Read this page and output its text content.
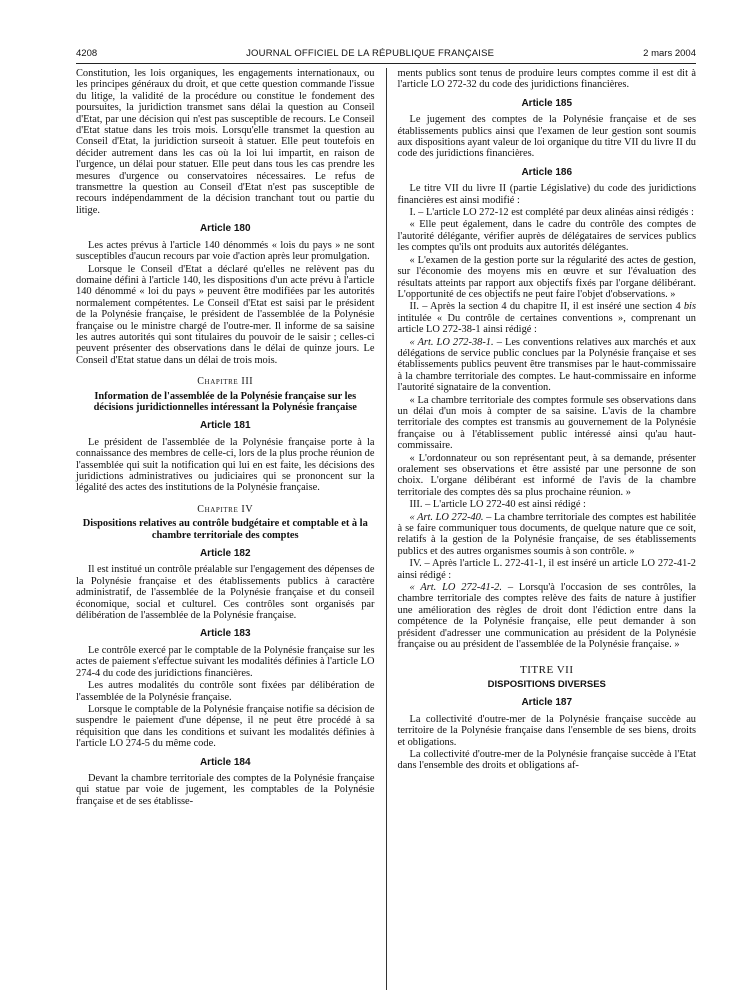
4208	JOURNAL OFFICIEL DE LA RÉPUBLIQUE FRANÇAISE	2 mars 2004

Constitution, les lois organiques, les engagements internationaux, ou les principes généraux du droit, et que cette question commande l'issue du litige, la validité de la procédure ou constitue le fondement des poursuites, la juridiction transmet sans délai la question au Conseil d'Etat, par une décision qui n'est pas susceptible de recours. Le Conseil d'Etat statue dans les trois mois. Lorsqu'elle transmet la question au Conseil d'Etat, la juridiction surseoit à statuer. Elle peut toutefois en décider autrement dans les cas où la loi lui impartit, en raison de l'urgence, un délai pour statuer. Elle peut dans tous les cas prendre les mesures d'urgence ou conservatoires nécessaires. Le refus de transmettre la question au Conseil d'Etat n'est pas susceptible de recours indépendamment de la décision tranchant tout ou partie du litige.

Article 180

Les actes prévus à l'article 140 dénommés « lois du pays » ne sont susceptibles d'aucun recours par voie d'action après leur promulgation.

Lorsque le Conseil d'Etat a déclaré qu'elles ne relèvent pas du domaine défini à l'article 140, les dispositions d'un acte prévu à l'article 140 dénommé « loi du pays » peuvent être modifiées par les autorités normalement compétentes. Le Conseil d'Etat est saisi par le président de la Polynésie française, le président de l'assemblée de la Polynésie française ou le ministre chargé de l'outre-mer. Il informe de sa saisine les autres autorités qui sont titulaires du pouvoir de le saisir ; celles-ci peuvent présenter des observations dans le délai de quinze jours. Le Conseil d'Etat statue dans un délai de trois mois.

Chapitre III
Information de l'assemblée de la Polynésie française sur les décisions juridictionnelles intéressant la Polynésie française
Article 181

Le président de l'assemblée de la Polynésie française porte à la connaissance des membres de celle-ci, lors de la plus proche réunion de l'assemblée qui suit la notification qui lui en est faite, les décisions des juridictions administratives ou judiciaires qui se prononcent sur la légalité des actes des institutions de la Polynésie française.

Chapitre IV
Dispositions relatives au contrôle budgétaire et comptable et à la chambre territoriale des comptes
Article 182

Il est institué un contrôle préalable sur l'engagement des dépenses de la Polynésie française et des établissements publics à caractère administratif, de l'assemblée de la Polynésie française et du conseil économique, social et culturel. Ces contrôles sont organisés par délibération de l'assemblée de la Polynésie française.

Article 183

Le contrôle exercé par le comptable de la Polynésie française sur les actes de paiement s'effectue suivant les modalités définies à l'article LO 274-4 du code des juridictions financières.

Les autres modalités du contrôle sont fixées par délibération de l'assemblée de la Polynésie française.

Lorsque le comptable de la Polynésie française notifie sa décision de suspendre le paiement d'une dépense, il ne peut être procédé à sa réquisition que dans les conditions et suivant les modalités définies à l'article LO 274-5 du même code.

Article 184

Devant la chambre territoriale des comptes de la Polynésie française qui statue par voie de jugement, les comptables de la Polynésie française et de ses établisse-

ments publics sont tenus de produire leurs comptes comme il est dit à l'article LO 272-32 du code des juridictions financières.

Article 185

Le jugement des comptes de la Polynésie française et de ses établissements publics ainsi que l'examen de leur gestion sont soumis aux dispositions ayant valeur de loi organique du titre VII du livre II du code des juridictions financières.

Article 186

Le titre VII du livre II (partie Législative) du code des juridictions financières est ainsi modifié :

I. – L'article LO 272-12 est complété par deux alinéas ainsi rédigés :

« Elle peut également, dans le cadre du contrôle des comptes de l'autorité délégante, vérifier auprès de délégataires de services publics les comptes qu'ils ont produits aux autorités délégantes.

« L'examen de la gestion porte sur la régularité des actes de gestion, sur l'économie des moyens mis en œuvre et sur l'évaluation des résultats atteints par rapport aux objectifs fixés par l'organe délibérant. L'opportunité de ces objectifs ne peut faire l'objet d'observations. »

II. – Après la section 4 du chapitre II, il est inséré une section 4 bis intitulée « Du contrôle de certaines conventions », comprenant un article LO 272-38-1 ainsi rédigé :

« Art. LO 272-38-1. – Les conventions relatives aux marchés et aux délégations de service public conclues par la Polynésie française et ses établissements publics peuvent être transmises par le haut-commissaire à la chambre territoriale des comptes. Le haut-commissaire en informe l'autorité signataire de la convention.

« La chambre territoriale des comptes formule ses observations dans un délai d'un mois à compter de sa saisine. L'avis de la chambre territoriale des comptes est transmis au gouvernement de la Polynésie française ou à l'établissement public intéressé ainsi qu'au haut-commissaire.

« L'ordonnateur ou son représentant peut, à sa demande, présenter oralement ses observations et être assisté par une personne de son choix. L'organe délibérant est informé de l'avis de la chambre territoriale des comptes dès sa plus prochaine réunion. »

III. – L'article LO 272-40 est ainsi rédigé :

« Art. LO 272-40. – La chambre territoriale des comptes est habilitée à se faire communiquer tous documents, de quelque nature que ce soit, relatifs à la gestion de la Polynésie française, de ses établissements publics et des autres organismes soumis à son contrôle. »

IV. – Après l'article L. 272-41-1, il est inséré un article LO 272-41-2 ainsi rédigé :

« Art. LO 272-41-2. – Lorsqu'à l'occasion de ses contrôles, la chambre territoriale des comptes relève des faits de nature à justifier une amélioration des règles de droit dont l'édiction entre dans la compétence de la Polynésie française, elle peut demander à son président d'adresser une communication au président de la Polynésie française ou au président de l'assemblée de la Polynésie française. »

TITRE VII
DISPOSITIONS DIVERSES
Article 187

La collectivité d'outre-mer de la Polynésie française succède au territoire de la Polynésie française dans l'ensemble de ses biens, droits et obligations.

La collectivité d'outre-mer de la Polynésie française succède à l'Etat dans l'ensemble des droits et obligations af-
